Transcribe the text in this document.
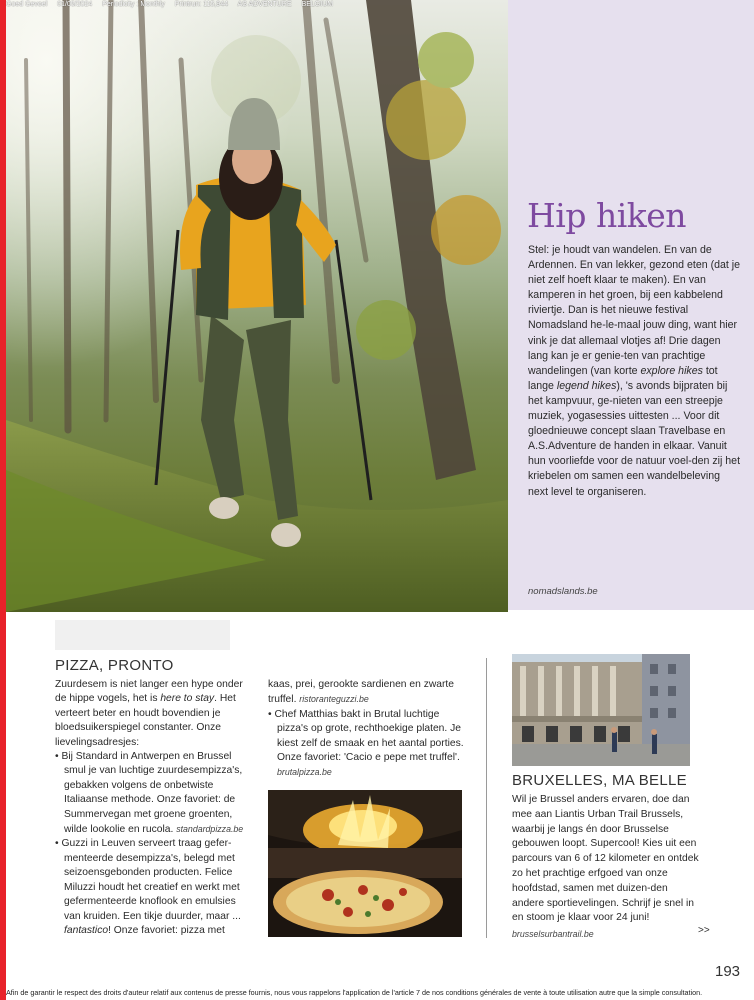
Goed Gevoel 01/05/2024 Periodicity : Monthly Printrun: 115,944 AS ADVENTURE BELGIUM
Hip hiken

Stel: je houdt van wandelen. En van de Ardennen. En van lekker, gezond eten (dat je niet zelf hoeft klaar te maken). En van kamperen in het groen, bij een kabbelend riviertje. Dan is het nieuwe festival Nomadsland he-le-maal jouw ding, want hier vink je dat allemaal vlotjes af! Drie dagen lang kan je er genie-ten van prachtige wandelingen (van korte explore hikes tot lange legend hikes), 's avonds bijpraten bij het kampvuur, ge-nieten van een streepje muziek, yogasessies uittesten ... Voor dit gloednieuwe concept slaan Travelbase en A.S.Adventure de handen in elkaar. Vanuit hun voorliefde voor de natuur voel-den zij het kriebelen om samen een wandelbeleving next level te organiseren.

nomadslands.be
PIZZA, PRONTO

Zuurdesem is niet langer een hype onder de hippe vogels, het is here to stay. Het verteert beter en houdt bovendien je bloedsuikerspiegel constanter. Onze lievelingsadresjes:

• Bij Standard in Antwerpen en Brussel smul je van luchtige zuurdesempizza's, gebakken volgens de onbetwiste Italiaanse methode. Onze favoriet: de Summervegan met groene groenten, wilde lookolie en rucola. standardpizza.be

• Guzzi in Leuven serveert traag gefer-menteerde desempizza's, belegd met seizoensgebonden producten. Felice Miluzzi houdt het creatief en werkt met gefermenteerde knoflook en emulsies van kruiden. Een tikje duurder, maar ... fantastico! Onze favoriet: pizza met

kaas, prei, gerookte sardienen en zwarte truffel. ristoranteguzzi.be

• Chef Matthias bakt in Brutal luchtige pizza's op grote, rechthoekige platen. Je kiest zelf de smaak en het aantal porties. Onze favoriet: 'Cacio e pepe met truffel'. brutalpizza.be	BRUXELLES, MA BELLE

Wil je Brussel anders ervaren, doe dan mee aan Liantis Urban Trail Brussels, waarbij je langs én door Brusselse gebouwen loopt. Supercool! Kies uit een parcours van 6 of 12 kilometer en ontdek zo het prachtige erfgoed van onze hoofdstad, samen met duizen-den andere sportievelingen. Schrijf je snel in en stoom je klaar voor 24 juni!

brusselsurbantrail.be	>>
193
Afin de garantir le respect des droits d'auteur relatif aux contenus de presse fournis, nous vous rappelons l'application de l'article 7 de nos conditions générales de vente à toute utilisation autre que la simple consultation.
